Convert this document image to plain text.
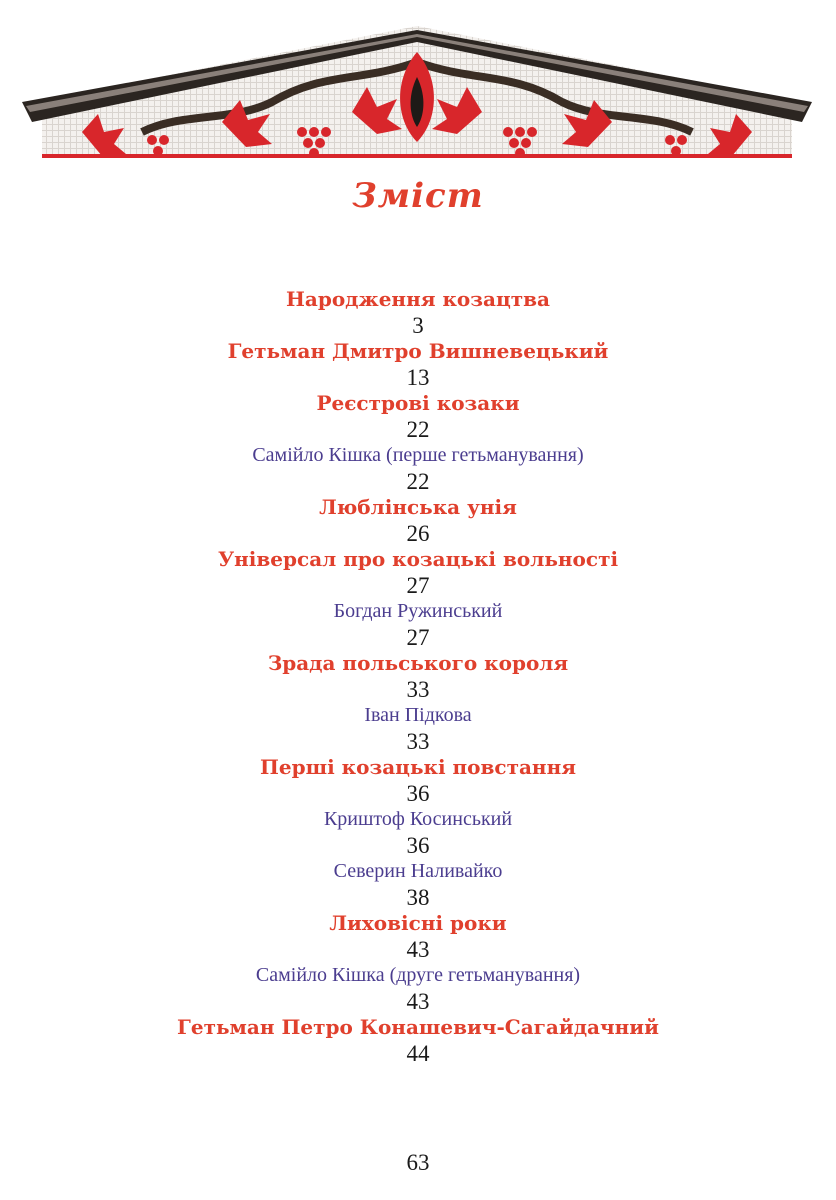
Зміст
Народження козацтва
3
Гетьман Дмитро Вишневецький
13
Реєстрові козаки
22
Самійло Кішка (перше гетьманування)
22
Люблінська унія
26
Універсал про козацькі вольності
27
Богдан Ружинський
27
Зрада польського короля
33
Іван Підкова
33
Перші козацькі повстання
36
Криштоф Косинський
36
Северин Наливайко
38
Лиховісні роки
43
Самійло Кішка (друге гетьманування)
43
Гетьман Петро Конашевич-Сагайдачний
44
63
